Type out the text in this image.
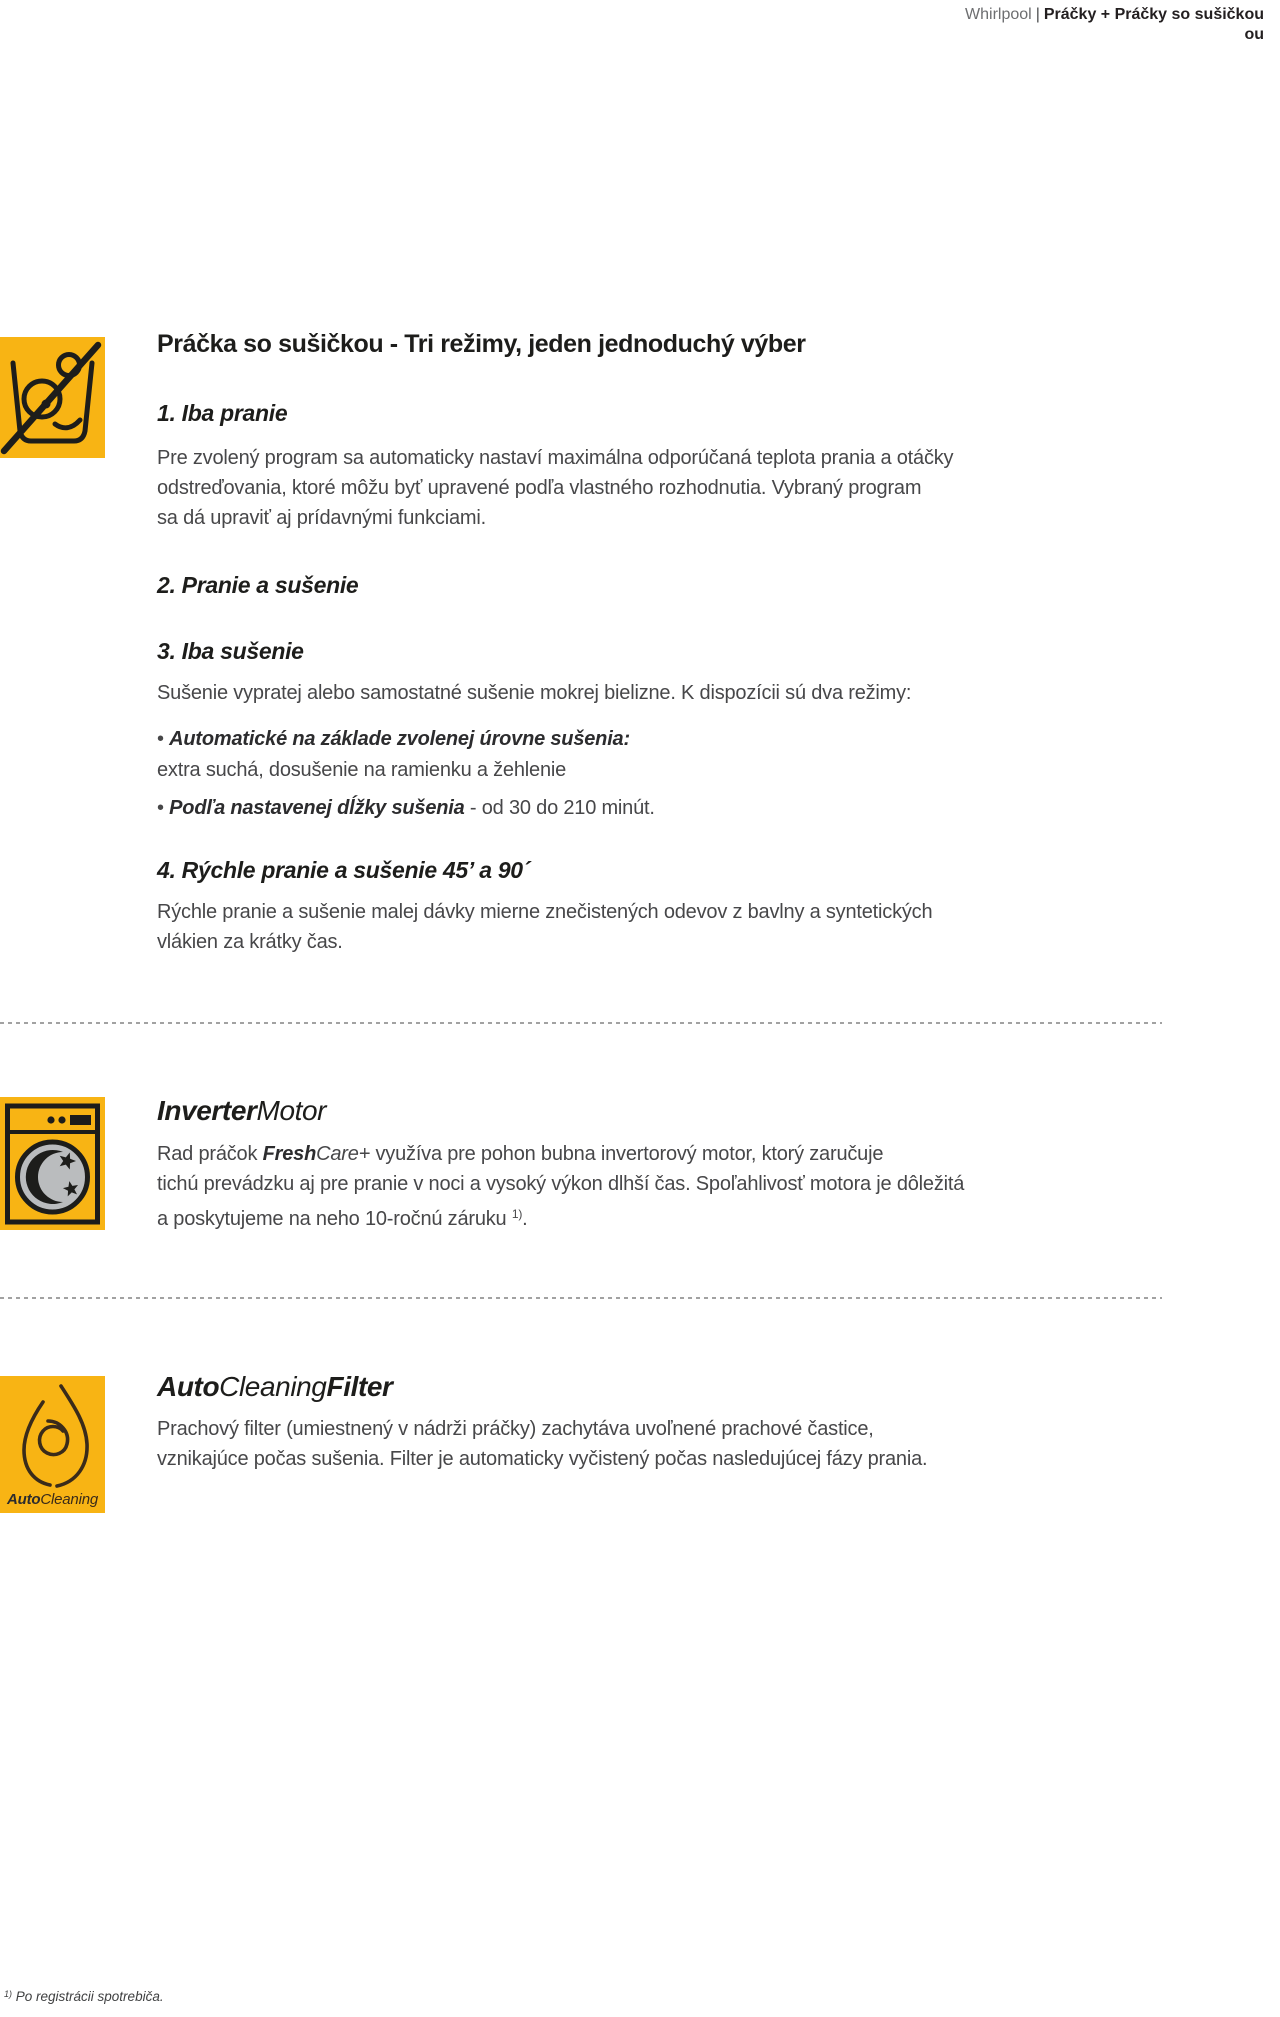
Whirlpool | Práčky + Práčky so sušičkou
ou
Práčka so sušičkou - Tri režimy, jeden jednoduchý výber
1. Iba pranie
Pre zvolený program sa automaticky nastaví maximálna odporúčaná teplota prania a otáčky
odstreďovania, ktoré môžu byť upravené podľa vlastného rozhodnutia. Vybraný program
sa dá upraviť aj prídavnými funkciami.
2. Pranie a sušenie
3. Iba sušenie
Sušenie vypratej alebo samostatné sušenie mokrej bielizne. K dispozícii sú dva režimy:
• Automatické na základe zvolenej úrovne sušenia:
extra suchá, dosušenie na ramienku a žehlenie
• Podľa nastavenej dĺžky sušenia - od 30 do 210 minút.
4. Rýchle pranie a sušenie 45’ a 90´
Rýchle pranie a sušenie malej dávky mierne znečistených odevov z bavlny a syntetických
vlákien za krátky čas.
InverterMotor
Rad práčok FreshCare+ využíva pre pohon bubna invertorový motor, ktorý zaručuje
tichú prevádzku aj pre pranie v noci a vysoký výkon dlhší čas. Spoľahlivosť motora je dôležitá
a poskytujeme na neho 10-ročnú záruku $^{1)}$.
AutoCleaning
AutoCleaningFilter
Prachový filter (umiestnený v nádrži práčky) zachytáva uvoľnené prachové častice,
vznikajúce počas sušenia. Filter je automaticky vyčistený počas nasledujúcej fázy prania.
$^{1)}$ Po registrácii spotrebiča.
